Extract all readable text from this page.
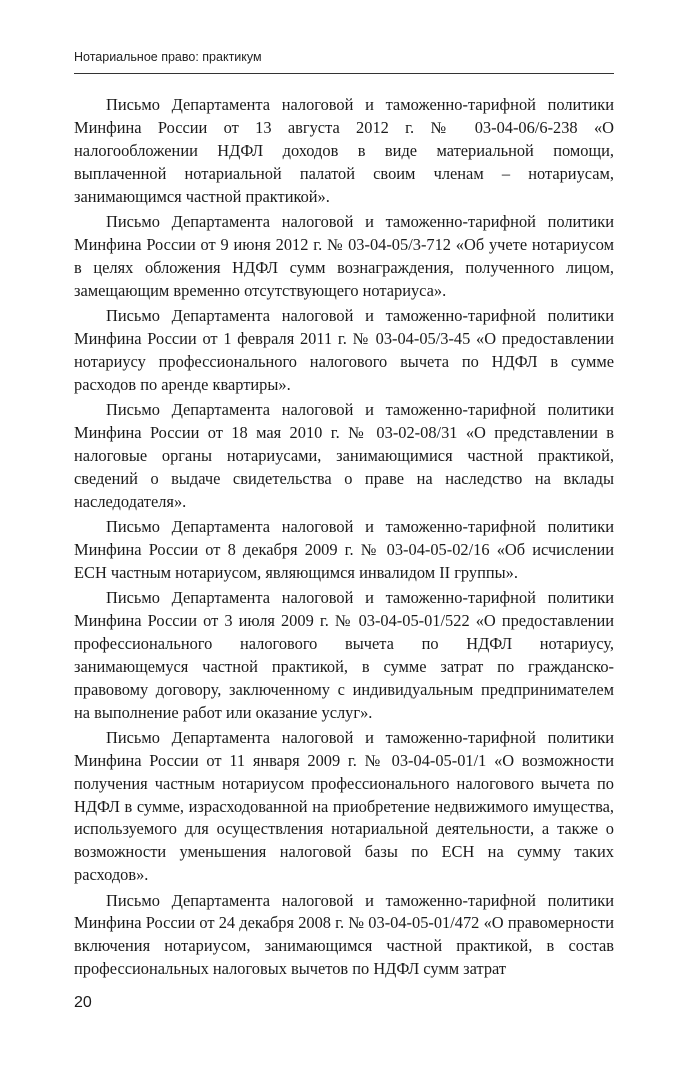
Нотариальное право: практикум

Письмо Департамента налоговой и таможенно-тарифной политики Минфина России от 13 августа 2012 г. № 03-04-06/6-238 «О налогообложении НДФЛ доходов в виде материальной помощи, выплаченной нотариальной палатой своим членам – нотариусам, занимающимся частной практикой».

Письмо Департамента налоговой и таможенно-тарифной политики Минфина России от 9 июня 2012 г. № 03-04-05/3-712 «Об учете нотариусом в целях обложения НДФЛ сумм вознаграждения, полученного лицом, замещающим временно отсутствующего нотариуса».

Письмо Департамента налоговой и таможенно-тарифной политики Минфина России от 1 февраля 2011 г. № 03-04-05/3-45 «О предоставлении нотариусу профессионального налогового вычета по НДФЛ в сумме расходов по аренде квартиры».

Письмо Департамента налоговой и таможенно-тарифной политики Минфина России от 18 мая 2010 г. № 03-02-08/31 «О представлении в налоговые органы нотариусами, занимающимися частной практикой, сведений о выдаче свидетельства о праве на наследство на вклады наследодателя».

Письмо Департамента налоговой и таможенно-тарифной политики Минфина России от 8 декабря 2009 г. № 03-04-05-02/16 «Об исчислении ЕСН частным нотариусом, являющимся инвалидом II группы».

Письмо Департамента налоговой и таможенно-тарифной политики Минфина России от 3 июля 2009 г. № 03-04-05-01/522 «О предоставлении профессионального налогового вычета по НДФЛ нотариусу, занимающемуся частной практикой, в сумме затрат по гражданско-правовому договору, заключенному с индивидуальным предпринимателем на выполнение работ или оказание услуг».

Письмо Департамента налоговой и таможенно-тарифной политики Минфина России от 11 января 2009 г. № 03-04-05-01/1 «О возможности получения частным нотариусом профессионального налогового вычета по НДФЛ в сумме, израсходованной на приобретение недвижимого имущества, используемого для осуществления нотариальной деятельности, а также о возможности уменьшения налоговой базы по ЕСН на сумму таких расходов».

Письмо Департамента налоговой и таможенно-тарифной политики Минфина России от 24 декабря 2008 г. № 03-04-05-01/472 «О правомерности включения нотариусом, занимающимся частной практикой, в состав профессиональных налоговых вычетов по НДФЛ сумм затрат

20
